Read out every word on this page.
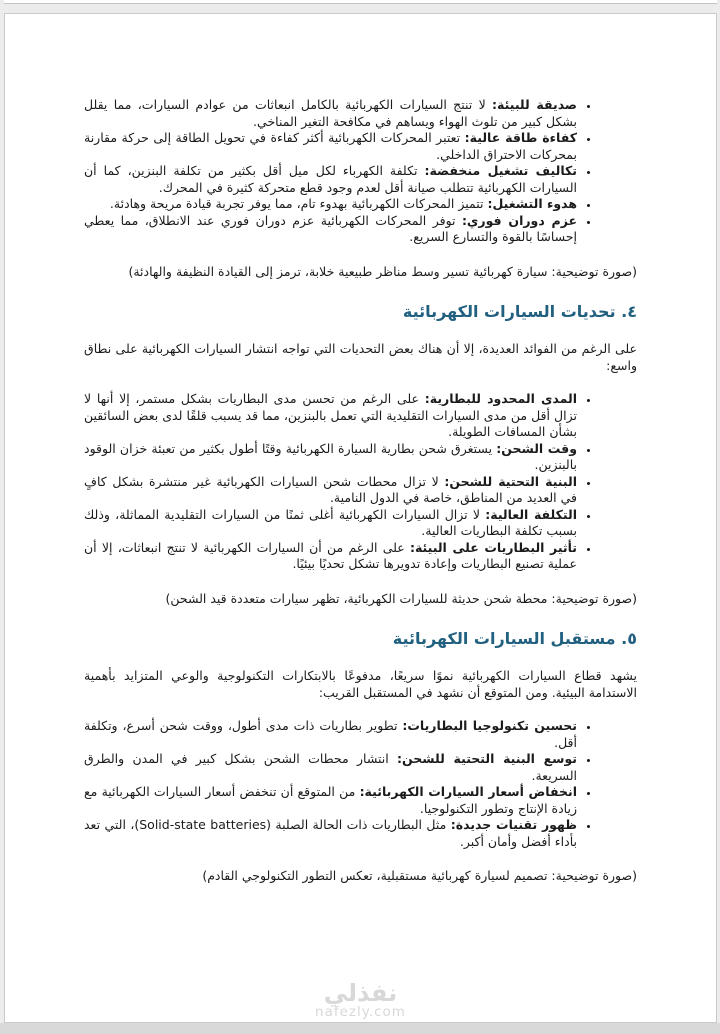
• صديقة للبيئة: لا تنتج السيارات الكهربائية بالكامل انبعاثات من عوادم السيارات، مما يقلل بشكل كبير من تلوث الهواء ويساهم في مكافحة التغير المناخي.
• كفاءة طاقة عالية: تعتبر المحركات الكهربائية أكثر كفاءة في تحويل الطاقة إلى حركة مقارنة بمحركات الاحتراق الداخلي.
• تكاليف تشغيل منخفضة: تكلفة الكهرباء لكل ميل أقل بكثير من تكلفة البنزين، كما أن السيارات الكهربائية تتطلب صيانة أقل لعدم وجود قطع متحركة كثيرة في المحرك.
• هدوء التشغيل: تتميز المحركات الكهربائية بهدوء تام، مما يوفر تجربة قيادة مريحة وهادئة.
• عزم دوران فوري: توفر المحركات الكهربائية عزم دوران فوري عند الانطلاق، مما يعطي إحساسًا بالقوة والتسارع السريع.

(صورة توضيحية: سيارة كهربائية تسير وسط مناظر طبيعية خلابة، ترمز إلى القيادة النظيفة والهادئة)

٤. تحديات السيارات الكهربائية

على الرغم من الفوائد العديدة، إلا أن هناك بعض التحديات التي تواجه انتشار السيارات الكهربائية على نطاق واسع:

• المدى المحدود للبطارية: على الرغم من تحسن مدى البطاريات بشكل مستمر، إلا أنها لا تزال أقل من مدى السيارات التقليدية التي تعمل بالبنزين، مما قد يسبب قلقًا لدى بعض السائقين بشأن المسافات الطويلة.
• وقت الشحن: يستغرق شحن بطارية السيارة الكهربائية وقتًا أطول بكثير من تعبئة خزان الوقود بالبنزين.
• البنية التحتية للشحن: لا تزال محطات شحن السيارات الكهربائية غير منتشرة بشكل كافٍ في العديد من المناطق، خاصة في الدول النامية.
• التكلفة العالية: لا تزال السيارات الكهربائية أغلى ثمنًا من السيارات التقليدية المماثلة، وذلك بسبب تكلفة البطاريات العالية.
• تأثير البطاريات على البيئة: على الرغم من أن السيارات الكهربائية لا تنتج انبعاثات، إلا أن عملية تصنيع البطاريات وإعادة تدويرها تشكل تحديًا بيئيًا.

(صورة توضيحية: محطة شحن حديثة للسيارات الكهربائية، تظهر سيارات متعددة قيد الشحن)

٥. مستقبل السيارات الكهربائية

يشهد قطاع السيارات الكهربائية نموًا سريعًا، مدفوعًا بالابتكارات التكنولوجية والوعي المتزايد بأهمية الاستدامة البيئية. ومن المتوقع أن نشهد في المستقبل القريب:

• تحسين تكنولوجيا البطاريات: تطوير بطاريات ذات مدى أطول، ووقت شحن أسرع، وتكلفة أقل.
• توسع البنية التحتية للشحن: انتشار محطات الشحن بشكل كبير في المدن والطرق السريعة.
• انخفاض أسعار السيارات الكهربائية: من المتوقع أن تنخفض أسعار السيارات الكهربائية مع زيادة الإنتاج وتطور التكنولوجيا.
• ظهور تقنيات جديدة: مثل البطاريات ذات الحالة الصلبة (Solid-state batteries)، التي تعد بأداء أفضل وأمان أكبر.

(صورة توضيحية: تصميم لسيارة كهربائية مستقبلية، تعكس التطور التكنولوجي القادم)

نفذلي
nafezly.com
